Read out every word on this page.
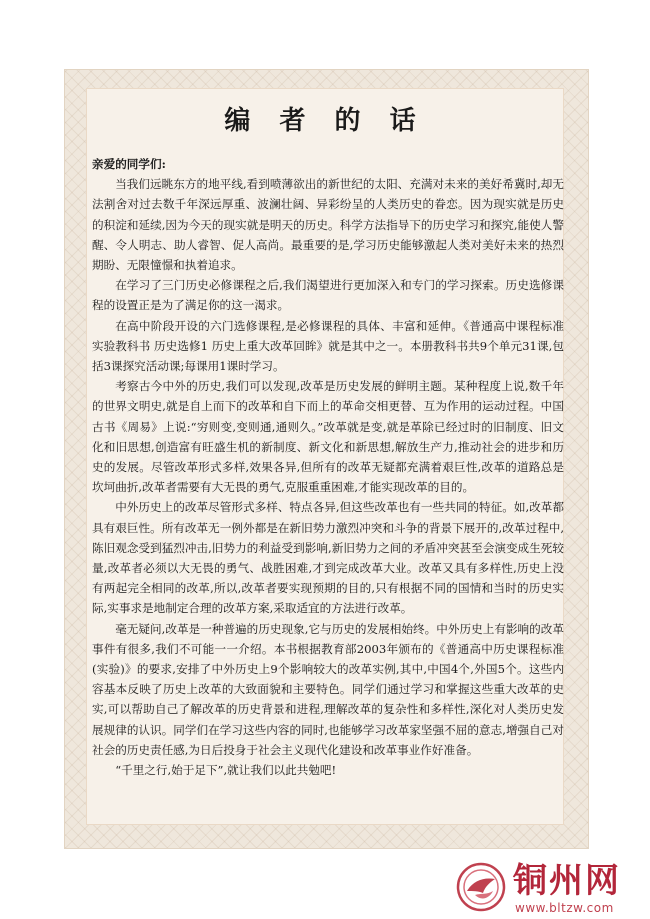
编 者 的 话

亲爱的同学们:

当我们远眺东方的地平线,看到喷薄欲出的新世纪的太阳、充满对未来的美好希冀时,却无法割舍对过去数千年深远厚重、波澜壮阔、异彩纷呈的人类历史的眷恋。因为现实就是历史的积淀和延续,因为今天的现实就是明天的历史。科学方法指导下的历史学习和探究,能使人警醒、令人明志、助人睿智、促人高尚。最重要的是,学习历史能够激起人类对美好未来的热烈期盼、无限憧憬和执着追求。

在学习了三门历史必修课程之后,我们渴望进行更加深入和专门的学习探索。历史选修课程的设置正是为了满足你的这一渴求。

在高中阶段开设的六门选修课程,是必修课程的具体、丰富和延伸。《普通高中课程标准实验教科书 历史选修1 历史上重大改革回眸》就是其中之一。本册教科书共9个单元31课,包括3课探究活动课;每课用1课时学习。

考察古今中外的历史,我们可以发现,改革是历史发展的鲜明主题。某种程度上说,数千年的世界文明史,就是自上而下的改革和自下而上的革命交相更替、互为作用的运动过程。中国古书《周易》上说:“穷则变,变则通,通则久。”改革就是变,就是革除已经过时的旧制度、旧文化和旧思想,创造富有旺盛生机的新制度、新文化和新思想,解放生产力,推动社会的进步和历史的发展。尽管改革形式多样,效果各异,但所有的改革无疑都充满着艰巨性,改革的道路总是坎坷曲折,改革者需要有大无畏的勇气,克服重重困难,才能实现改革的目的。

中外历史上的改革尽管形式多样、特点各异,但这些改革也有一些共同的特征。如,改革都具有艰巨性。所有改革无一例外都是在新旧势力激烈冲突和斗争的背景下展开的,改革过程中,陈旧观念受到猛烈冲击,旧势力的利益受到影响,新旧势力之间的矛盾冲突甚至会演变成生死较量,改革者必须以大无畏的勇气、战胜困难,才到完成改革大业。改革又具有多样性,历史上没有两起完全相同的改革,所以,改革者要实现预期的目的,只有根据不同的国情和当时的历史实际,实事求是地制定合理的改革方案,采取适宜的方法进行改革。

毫无疑问,改革是一种普遍的历史现象,它与历史的发展相始终。中外历史上有影响的改革事件有很多,我们不可能一一介绍。本书根据教育部2003年颁布的《普通高中历史课程标准(实验)》的要求,安排了中外历史上9个影响较大的改革实例,其中,中国4个,外国5个。这些内容基本反映了历史上改革的大致面貌和主要特色。同学们通过学习和掌握这些重大改革的史实,可以帮助自己了解改革的历史背景和进程,理解改革的复杂性和多样性,深化对人类历史发展规律的认识。同学们在学习这些内容的同时,也能够学习改革家坚强不屈的意志,增强自己对社会的历史责任感,为日后投身于社会主义现代化建设和改革事业作好准备。

“千里之行,始于足下”,就让我们以此共勉吧!

铜州网
www.bltzw.com
